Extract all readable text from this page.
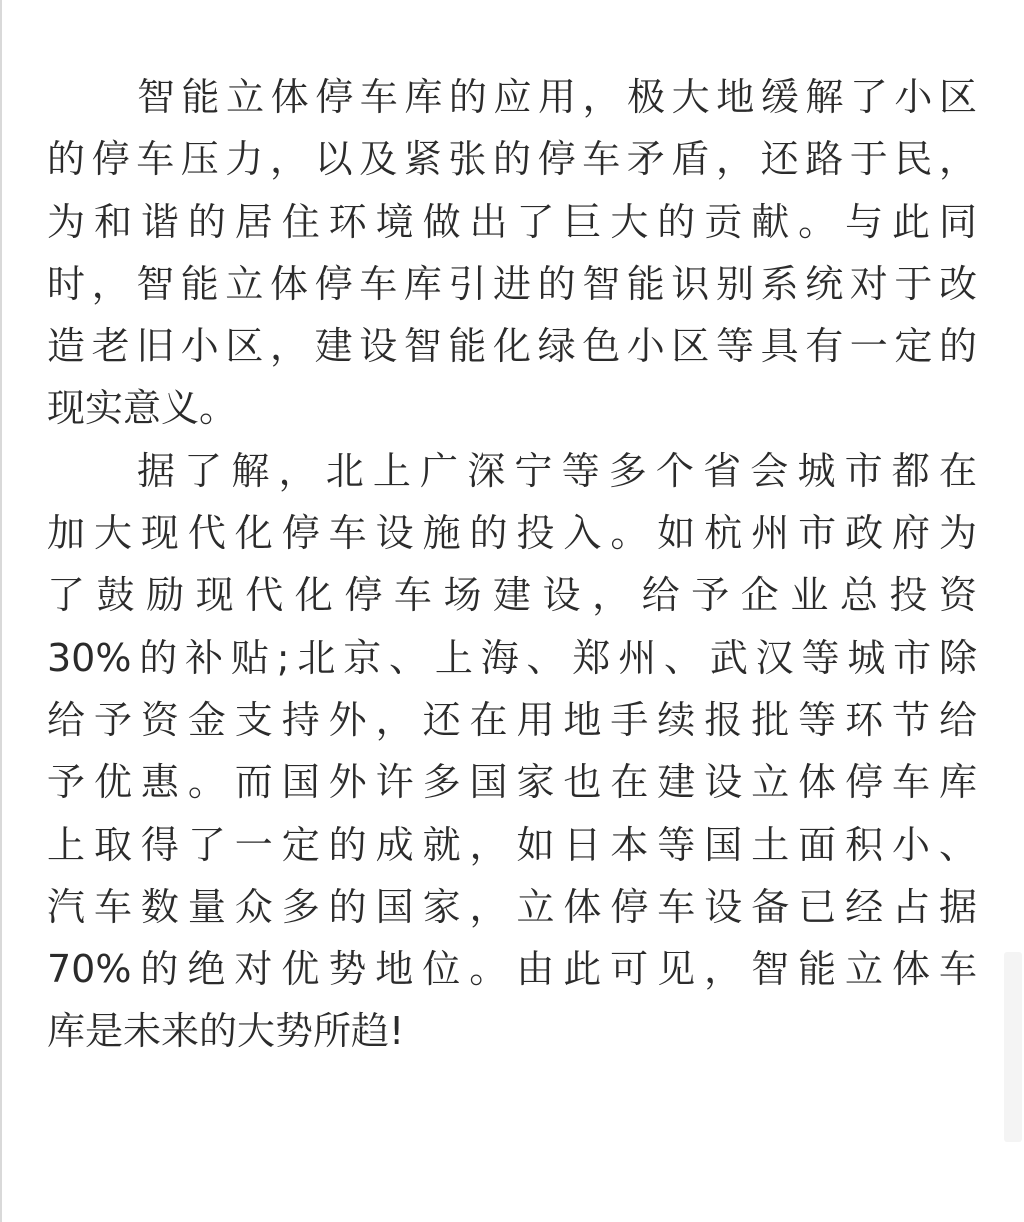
智能立体停车库的应用，极大地缓解了小区
的停车压力，以及紧张的停车矛盾，还路于民，
为和谐的居住环境做出了巨大的贡献。与此同
时，智能立体停车库引进的智能识别系统对于改
造老旧小区，建设智能化绿色小区等具有一定的
现实意义。
据了解，北上广深宁等多个省会城市都在
加大现代化停车设施的投入。如杭州市政府为
了鼓励现代化停车场建设，给予企业总投资
30%的补贴;北京、上海、郑州、武汉等城市除
给予资金支持外，还在用地手续报批等环节给
予优惠。而国外许多国家也在建设立体停车库
上取得了一定的成就，如日本等国土面积小、
汽车数量众多的国家，立体停车设备已经占据
70%的绝对优势地位。由此可见，智能立体车
库是未来的大势所趋!
